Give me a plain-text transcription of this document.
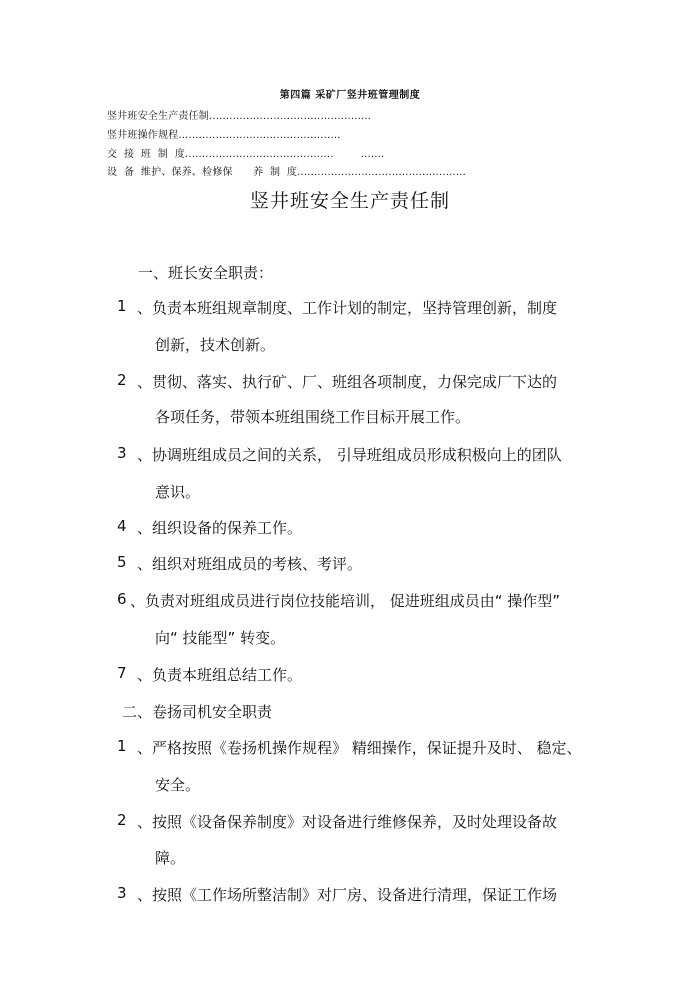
第四篇 采矿厂竖井班管理制度
竖井班安全生产责任制................................................
竖井班操作规程................................................
交  接  班  制  度............................................        .......
设  备  维护、保养、检修保      养  制  度..................................................
竖井班安全生产责任制
一、班长安全职责：
1 、负责本班组规章制度、工作计划的制定，坚持管理创新，制度
创新，技术创新。
2 、贯彻、落实、执行矿、厂、班组各项制度，力保完成厂下达的
各项任务，带领本班组围绕工作目标开展工作。
3 、协调班组成员之间的关系， 引导班组成员形成积极向上的团队
意识。
4 、组织设备的保养工作。
5 、组织对班组成员的考核、考评。
6 、负责对班组成员进行岗位技能培训， 促进班组成员由“ 操作型”
向“ 技能型” 转变。
7 、负责本班组总结工作。
二、卷扬司机安全职责
1 、严格按照《卷扬机操作规程》 精细操作，保证提升及时、 稳定、
安全。
2 、按照《设备保养制度》对设备进行维修保养，及时处理设备故
障。
3 、按照《工作场所整洁制》对厂房、设备进行清理，保证工作场
